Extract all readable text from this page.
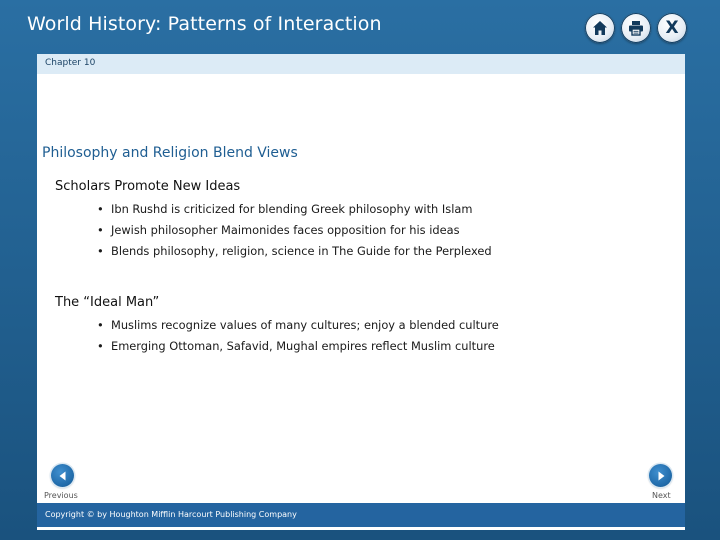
World History: Patterns of Interaction	X
Chapter 10
Philosophy and Religion Blend Views
Scholars Promote New Ideas
• Ibn Rushd is criticized for blending Greek philosophy with Islam
• Jewish philosopher Maimonides faces opposition for his ideas
• Blends philosophy, religion, science in The Guide for the Perplexed
The “Ideal Man”
• Muslims recognize values of many cultures; enjoy a blended culture
• Emerging Ottoman, Safavid, Mughal empires reflect Muslim culture
Previous	Next
Copyright © by Houghton Mifflin Harcourt Publishing Company
